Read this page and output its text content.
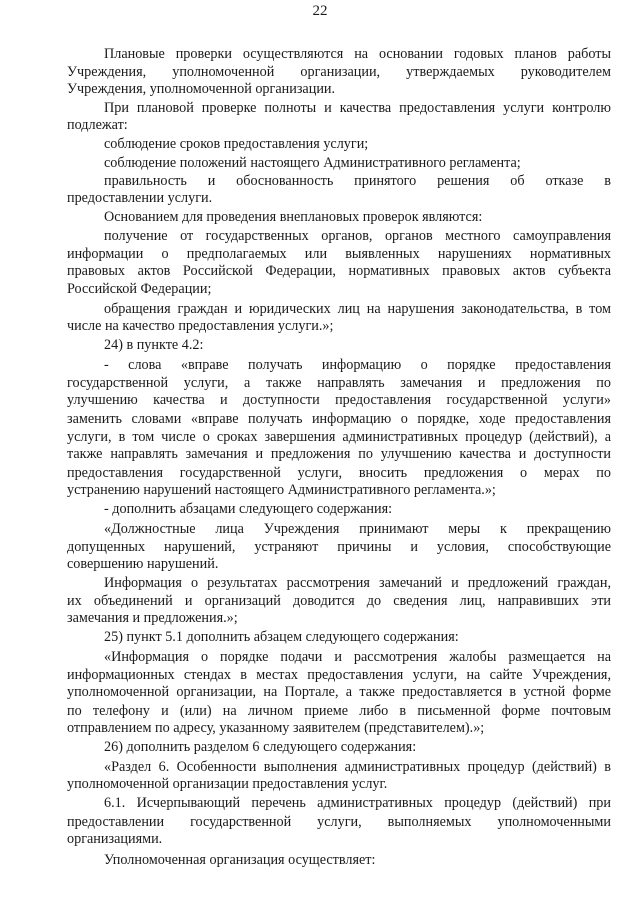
22
Плановые проверки осуществляются на основании годовых планов работы
Учреждения, уполномоченной организации, утверждаемых руководителем
Учреждения, уполномоченной организации.
При плановой проверке полноты и качества предоставления услуги контролю
подлежат:
соблюдение сроков предоставления услуги;
соблюдение положений настоящего Административного регламента;
правильность и обоснованность принятого решения об отказе в
предоставлении услуги.
Основанием для проведения внеплановых проверок являются:
получение от государственных органов, органов местного самоуправления
информации о предполагаемых или выявленных нарушениях нормативных
правовых актов Российской Федерации, нормативных правовых актов субъекта
Российской Федерации;
обращения граждан и юридических лиц на нарушения законодательства, в том
числе на качество предоставления услуги.»;
24) в пункте 4.2:
- слова «вправе получать информацию о порядке предоставления
государственной услуги, а также направлять замечания и предложения по
улучшению качества и доступности предоставления государственной услуги»
заменить словами «вправе получать информацию о порядке, ходе предоставления
услуги, в том числе о сроках завершения административных процедур (действий), а
также направлять замечания и предложения по улучшению качества и доступности
предоставления государственной услуги, вносить предложения о мерах по
устранению нарушений настоящего Административного регламента.»;
- дополнить абзацами следующего содержания:
«Должностные лица Учреждения принимают меры к прекращению
допущенных нарушений, устраняют причины и условия, способствующие
совершению нарушений.
Информация о результатах рассмотрения замечаний и предложений граждан,
их объединений и организаций доводится до сведения лиц, направивших эти
замечания и предложения.»;
25) пункт 5.1 дополнить абзацем следующего содержания:
«Информация о порядке подачи и рассмотрения жалобы размещается на
информационных стендах в местах предоставления услуги, на сайте Учреждения,
уполномоченной организации, на Портале, а также предоставляется в устной форме
по телефону и (или) на личном приеме либо в письменной форме почтовым
отправлением по адресу, указанному заявителем (представителем).»;
26) дополнить разделом 6 следующего содержания:
«Раздел 6. Особенности выполнения административных процедур (действий) в
уполномоченной организации предоставления услуг.
6.1. Исчерпывающий перечень административных процедур (действий) при
предоставлении государственной услуги, выполняемых уполномоченными
организациями.
Уполномоченная организация осуществляет:
